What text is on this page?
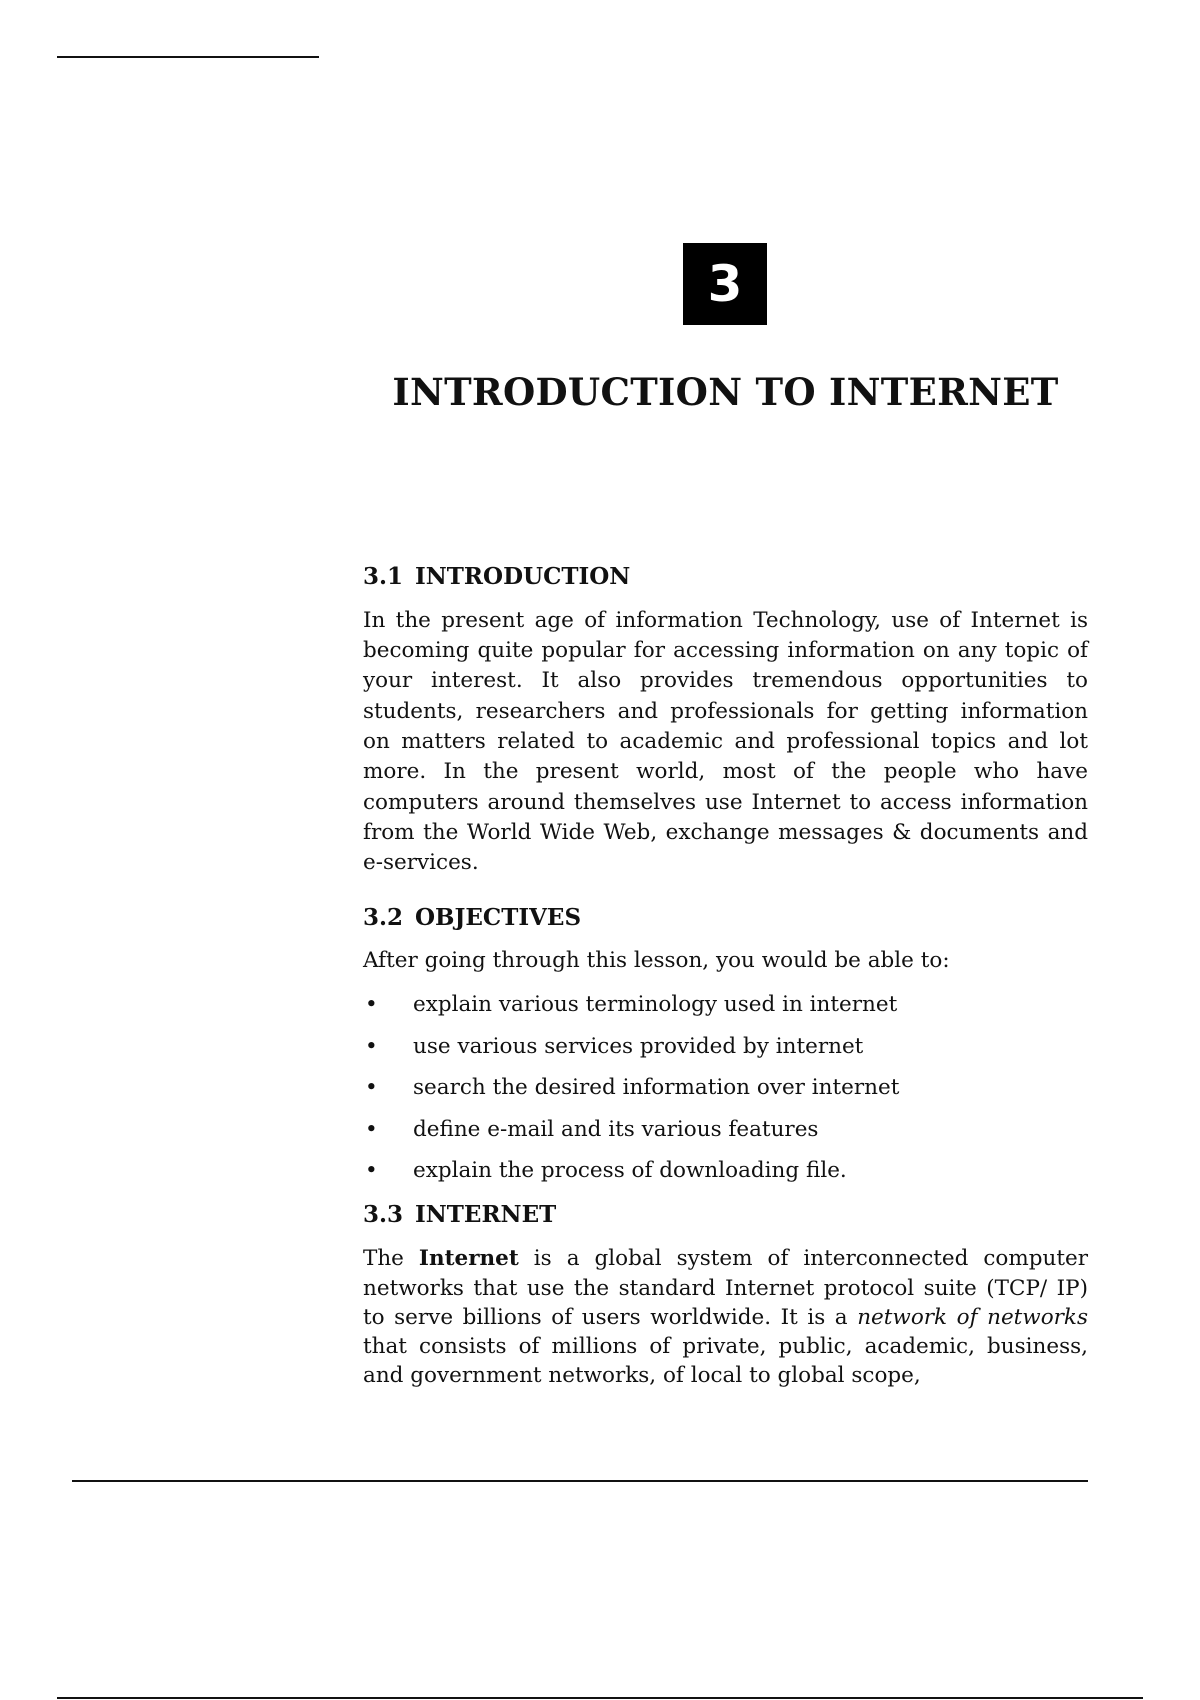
3
INTRODUCTION TO INTERNET
3.1 INTRODUCTION

In the present age of information Technology, use of Internet is becoming quite popular for accessing information on any topic of your interest. It also provides tremendous opportunities to students, researchers and professionals for getting information on matters related to academic and professional topics and lot more. In the present world, most of the people who have computers around themselves use Internet to access information from the World Wide Web, exchange messages & documents and e-services.

3.2 OBJECTIVES

After going through this lesson, you would be able to:

• explain various terminology used in internet
• use various services provided by internet
• search the desired information over internet
• define e-mail and its various features
• explain the process of downloading file.
3.3 INTERNET

The Internet is a global system of interconnected computer networks that use the standard Internet protocol suite (TCP/ IP) to serve billions of users worldwide. It is a network of networks that consists of millions of private, public, academic, business, and government networks, of local to global scope,
